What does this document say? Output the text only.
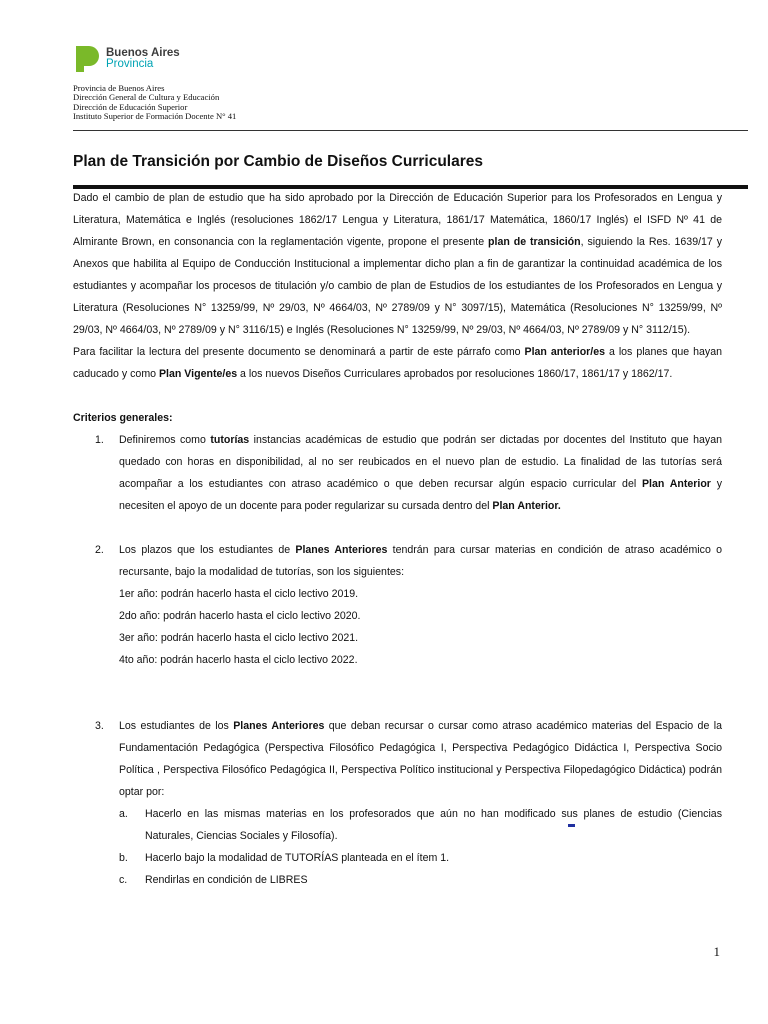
Buenos Aires
Provincia
Provincia de Buenos Aires
Dirección General de Cultura y Educación
Dirección de Educación Superior
Instituto Superior de Formación Docente N° 41
Plan de Transición por Cambio de Diseños Curriculares

Dado el cambio de plan de estudio que ha sido aprobado por la Dirección de Educación Superior para los Profesorados en Lengua y Literatura, Matemática e Inglés (resoluciones 1862/17 Lengua y Literatura, 1861/17 Matemática, 1860/17 Inglés) el ISFD Nº 41 de Almirante Brown, en consonancia con la reglamentación vigente, propone el presente plan de transición, siguiendo la Res. 1639/17 y Anexos que habilita al Equipo de Conducción Institucional a implementar dicho plan a fin de garantizar la continuidad académica de los estudiantes y acompañar los procesos de titulación y/o cambio de plan de Estudios de los estudiantes de los Profesorados en Lengua y Literatura (Resoluciones N° 13259/99, Nº 29/03, Nº 4664/03, Nº 2789/09 y N° 3097/15), Matemática (Resoluciones N° 13259/99, Nº 29/03, Nº 4664/03, Nº 2789/09 y N° 3116/15) e Inglés (Resoluciones N° 13259/99, Nº 29/03, Nº 4664/03, Nº 2789/09 y N° 3112/15).

Para facilitar la lectura del presente documento se denominará a partir de este párrafo como Plan anterior/es a los planes que hayan caducado y como Plan Vigente/es a los nuevos Diseños Curriculares aprobados por resoluciones 1860/17, 1861/17 y 1862/17.

Criterios generales:

1. Definiremos como tutorías instancias académicas de estudio que podrán ser dictadas por docentes del Instituto que hayan quedado con horas en disponibilidad, al no ser reubicados en el nuevo plan de estudio. La finalidad de las tutorías será acompañar a los estudiantes con atraso académico o que deben recursar algún espacio curricular del Plan Anterior y necesiten el apoyo de un docente para poder regularizar su cursada dentro del Plan Anterior.

2. Los plazos que los estudiantes de Planes Anteriores tendrán para cursar materias en condición de atraso académico o recursante, bajo la modalidad de tutorías, son los siguientes:

1er año: podrán hacerlo hasta el ciclo lectivo 2019.

2do año: podrán hacerlo hasta el ciclo lectivo 2020.

3er año: podrán hacerlo hasta el ciclo lectivo 2021.

4to año: podrán hacerlo hasta el ciclo lectivo 2022.

3. Los estudiantes de los Planes Anteriores que deban recursar o cursar como atraso académico materias del Espacio de la Fundamentación Pedagógica (Perspectiva Filosófico Pedagógica I, Perspectiva Pedagógico Didáctica I, Perspectiva Socio Política , Perspectiva Filosófico Pedagógica II, Perspectiva Político institucional y Perspectiva Filopedagógico Didáctica) podrán optar por:

a. Hacerlo en las mismas materias en los profesorados que aún no han modificado sus planes de estudio (Ciencias Naturales, Ciencias Sociales y Filosofía).

b. Hacerlo bajo la modalidad de TUTORÍAS planteada en el ítem 1.

c. Rendirlas en condición de LIBRES

1
